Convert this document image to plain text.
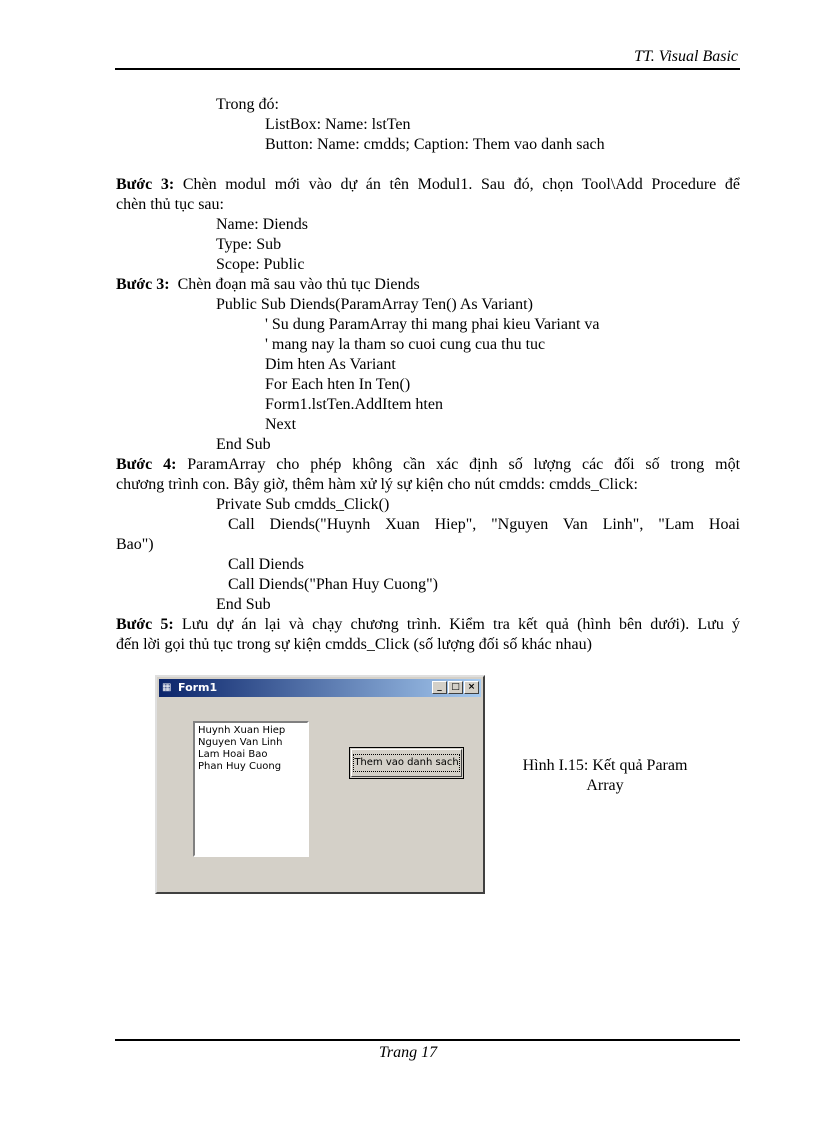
TT. Visual Basic
Trong đó:
ListBox: Name: lstTen
Button: Name: cmdds; Caption: Them vao danh sach
Bước 3: Chèn modul mới vào dự án tên Modul1. Sau đó, chọn Tool\Add Procedure để
chèn thủ tục sau:
Name: Diends
Type: Sub
Scope: Public
Bước 3:  Chèn đoạn mã sau vào thủ tục Diends
Public Sub Diends(ParamArray Ten() As Variant)
' Su dung ParamArray thi mang phai kieu Variant va
' mang nay la tham so cuoi cung cua thu tuc
Dim hten As Variant
For Each hten In Ten()
Form1.lstTen.AddItem hten
Next
End Sub
Bước 4: ParamArray cho phép không cần xác định số lượng các đối số trong một
chương trình con. Bây giờ, thêm hàm xử lý sự kiện cho nút cmdds: cmdds_Click:
Private Sub cmdds_Click()
Call Diends("Huynh Xuan Hiep", "Nguyen Van Linh", "Lam Hoai
Bao")
Call Diends
Call Diends("Phan Huy Cuong")
End Sub
Bước 5: Lưu dự án lại và chạy chương trình. Kiểm tra kết quả (hình bên dưới). Lưu ý
đến lời gọi thủ tục trong sự kiện cmdds_Click (số lượng đối số khác nhau)
▦ Form1	_	□ ×
Huynh Xuan Hiep
Nguyen Van Linh
Lam Hoai Bao
Phan Huy Cuong	Them vao danh sach	Hình I.15: Kết quả Param
Array
Trang 17
